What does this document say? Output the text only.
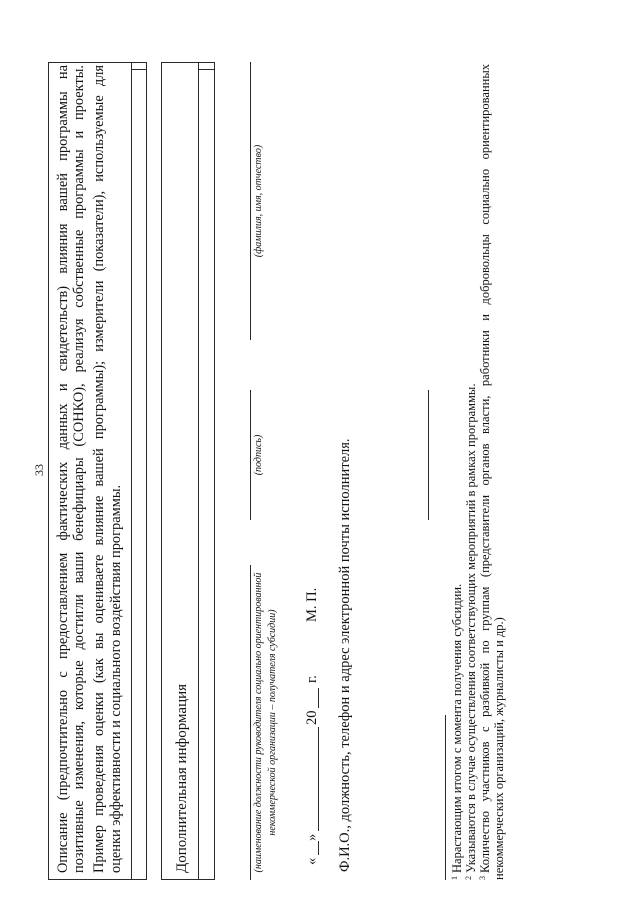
33 Описание (предпочтительно с предоставлением фактических данных и свидетельств) влияния вашей программы на позитивные изменения, которые достигли ваши бенефициары (СОНКО), реализуя собственные программы и проекты. Пример проведения оценки (как вы оцениваете влияние вашей программы); измерители (показатели), используемые для оценки эффективности и социального воздействия программы.	Дополнительная информация	(наименование должности руководителя социально ориентированной некоммерческой организации – получателя субсидии)
(подпись)
(фамилия, имя, отчество)
«
»
20
г.
М. П. Ф.И.О., должность, телефон и адрес электронной почты исполнителя.
$^1$Нарастающим итогом с момента получения субсидии.
$^2$Указываются в случае осуществления соответствующих мероприятий в рамках программы.
$^3$Количество участников с разбивкой по группам (представители органов власти, работники и добровольцы социально ориентированных некоммерческих организаций, журналисты и др.)
